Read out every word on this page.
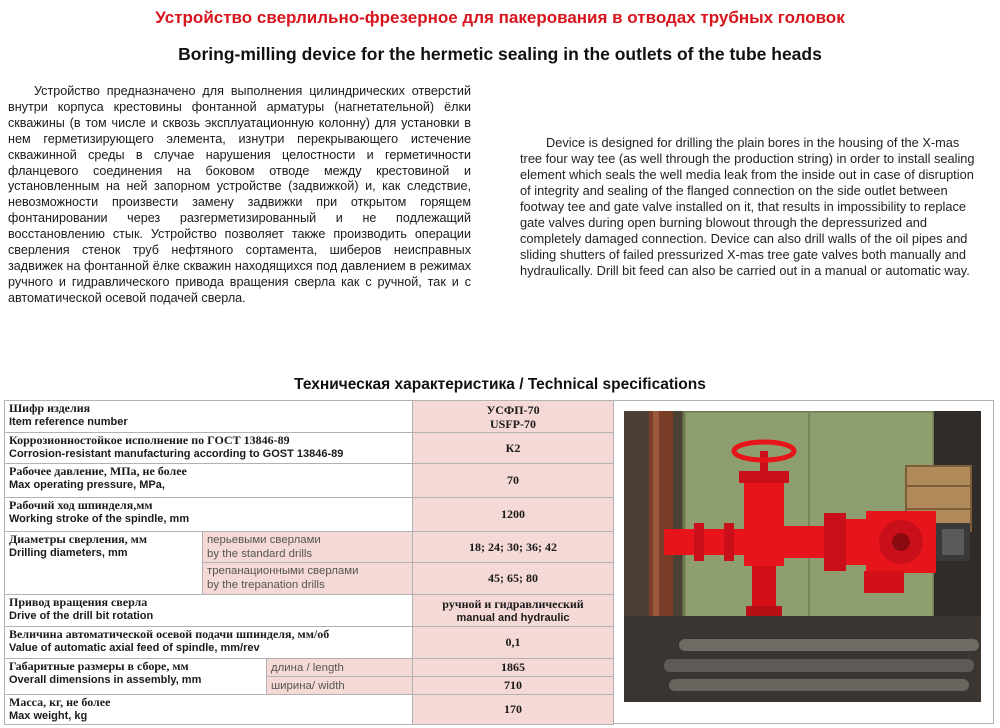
Устройство сверлильно-фрезерное для пакерования в отводах трубных головок
Boring-milling device for the hermetic sealing in the outlets of the tube heads

Устройство предназначено для выполнения цилиндрических отверстий внутри корпуса крестовины фонтанной арматуры (нагнетательной) ёлки скважины (в том числе и сквозь эксплуатационную колонну) для установки в нем герметизирующего элемента, изнутри перекрывающего истечение скважинной среды в случае нарушения целостности и герметичности фланцевого соединения на боковом отводе между крестовиной и установленным на ней запорном устройстве (задвижкой) и, как следствие, невозможности произвести замену задвижки при открытом горящем фонтанировании через разгерметизированный и не подлежащий восстановлению стык. Устройство позволяет также производить операции сверления стенок труб нефтяного сортамента, шиберов неисправных задвижек на фонтанной ёлке скважин находящихся под давлением в режимах ручного и гидравлического привода вращения сверла как с ручной, так и с автоматической осевой подачей сверла.

Device is designed for drilling the plain bores in the housing of the X-mas tree four way tee (as well through the production string) in order to install sealing element which seals the well media leak from the inside out in case of disruption of integrity and sealing of the flanged connection on the side outlet between footway tee and gate valve installed on it, that results in impossibility to replace gate valves during open burning blowout through the depressurized and completely damaged connection. Device can also drill walls of the oil pipes and sliding shutters of failed pressurized X-mas tree gate valves both manually and hydraulically. Drill bit feed can also be carried out in a manual or automatic way.

Техническая характеристика / Technical specifications
Шифр изделия
Item reference number			УСФП-70
USFP-70

Коррозионностойкое исполнение по ГОСТ 13846-89
Corrosion-resistant manufacturing according to GOST 13846-89			К2

Рабочее давление, МПа, не более
Max operating pressure, MPa,			70

Рабочий ход шпинделя,мм
Working stroke of the spindle, mm			1200

Диаметры сверления, мм
Drilling diameters, mm	перьевыми сверлами
by the standard drills		18; 24; 30; 36; 42

	трепанационными сверлами
by the trepanation drills		45; 65; 80

Привод вращения сверла
Drive of the drill bit rotation			ручной и гидравлический
manual and hydraulic

Величина автоматической осевой подачи шпинделя, мм/об
Value of automatic axial feed of spindle, mm/rev			0,1

Габаритные размеры в сборе, мм
Overall dimensions in assembly, mm		длина / length	1865
		ширина/ width	710

Масса, кг, не более
Max weight, kg			170
